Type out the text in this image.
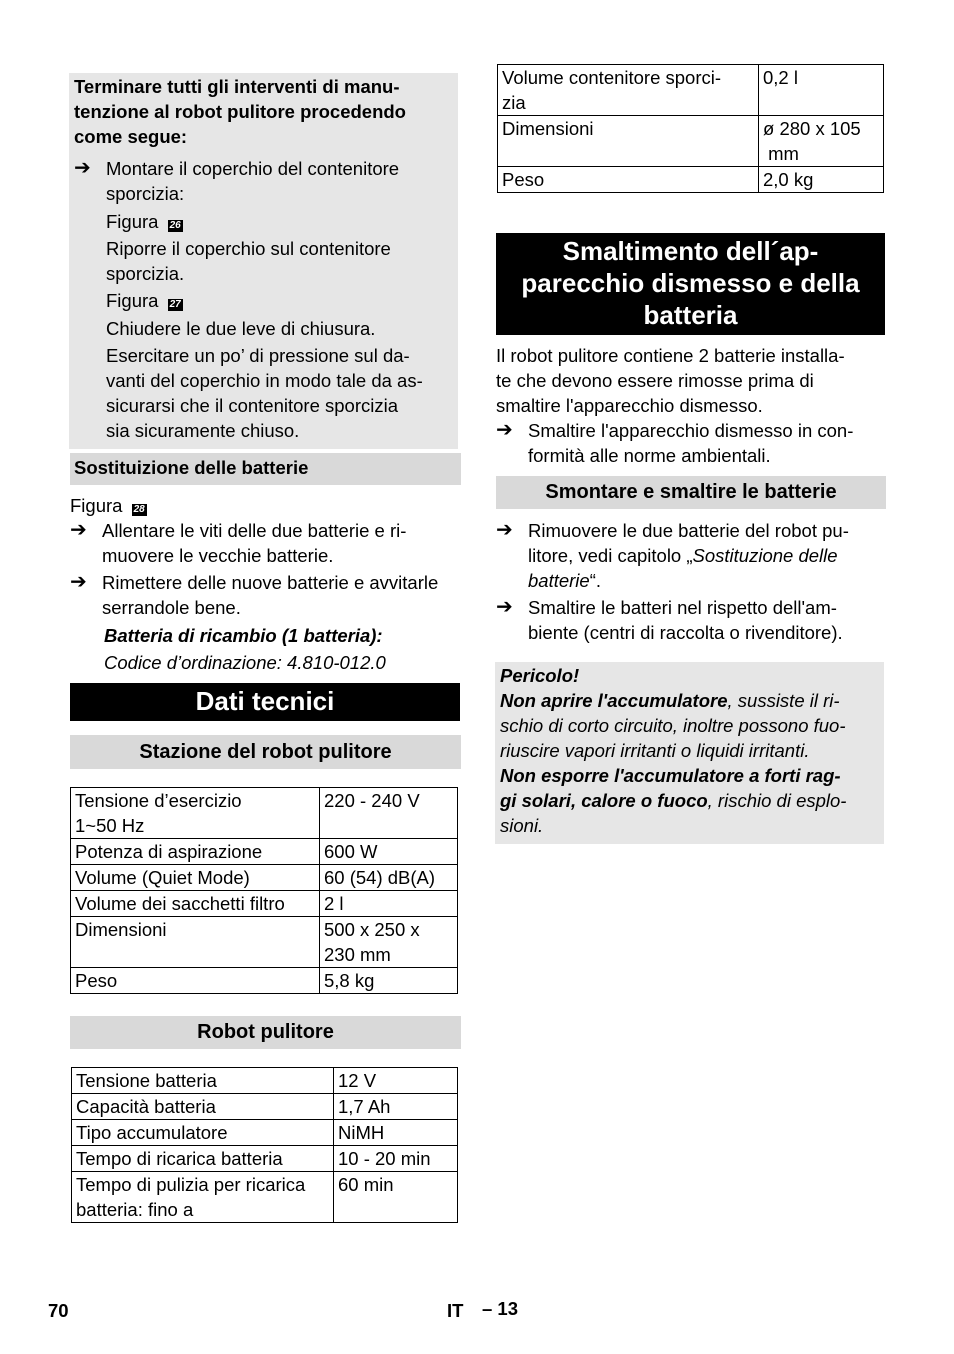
Terminare tutti gli interventi di manu-
tenzione al robot pulitore procedendo
come segue:
➔ Montare il coperchio del contenitore
sporcizia:
Figura 26
Riporre il coperchio sul contenitore
sporcizia.
Figura 27
Chiudere le due leve di chiusura.
Esercitare un po’ di pressione sul da-
vanti del coperchio in modo tale da as-
sicurarsi che il contenitore sporcizia
sia sicuramente chiuso.
Sostituizione delle batterie
Figura 28
➔ Allentare le viti delle due batterie e ri-
muovere le vecchie batterie.
➔ Rimettere delle nuove batterie e avvitarle
serrandole bene.
Batteria di ricambio (1 batteria):
Codice d’ordinazione: 4.810-012.0
Dati tecnici
Stazione del robot pulitore
Tensione d’esercizio
1~50 Hz	220 - 240 V

Potenza di aspirazione	600 W

Volume (Quiet Mode)	60 (54) dB(A)

Volume dei sacchetti filtro	2 l

Dimensioni	500 x 250 x
230 mm

Peso	5,8 kg
Robot pulitore
Tensione batteria	12 V

Capacità batteria	1,7 Ah

Tipo accumulatore	NiMH

Tempo di ricarica batteria	10 - 20 min

Tempo di pulizia per ricarica
batteria: fino a	60 min
Volume contenitore sporci-
zia	0,2 l

Dimensioni	ø 280 x 105
mm

Peso	2,0 kg
Smaltimento dell´ap-
parecchio dismesso e della
batteria
Il robot pulitore contiene 2 batterie installa-
te che devono essere rimosse prima di
smaltire l'apparecchio dismesso.
➔ Smaltire l'apparecchio dismesso in con-
formità alle norme ambientali.
Smontare e smaltire le batterie
➔ Rimuovere le due batterie del robot pu-
litore, vedi capitolo „Sostituzione delle
batterie“.
➔ Smaltire le batteri nel rispetto dell'am-
biente (centri di raccolta o rivenditore).
Pericolo!
Non aprire l'accumulatore, sussiste il ri-
schio di corto circuito, inoltre possono fuo-
riuscire vapori irritanti o liquidi irritanti.
Non esporre l'accumulatore a forti rag-
gi solari, calore o fuoco, rischio di esplo-
sioni.
70	IT – 13
